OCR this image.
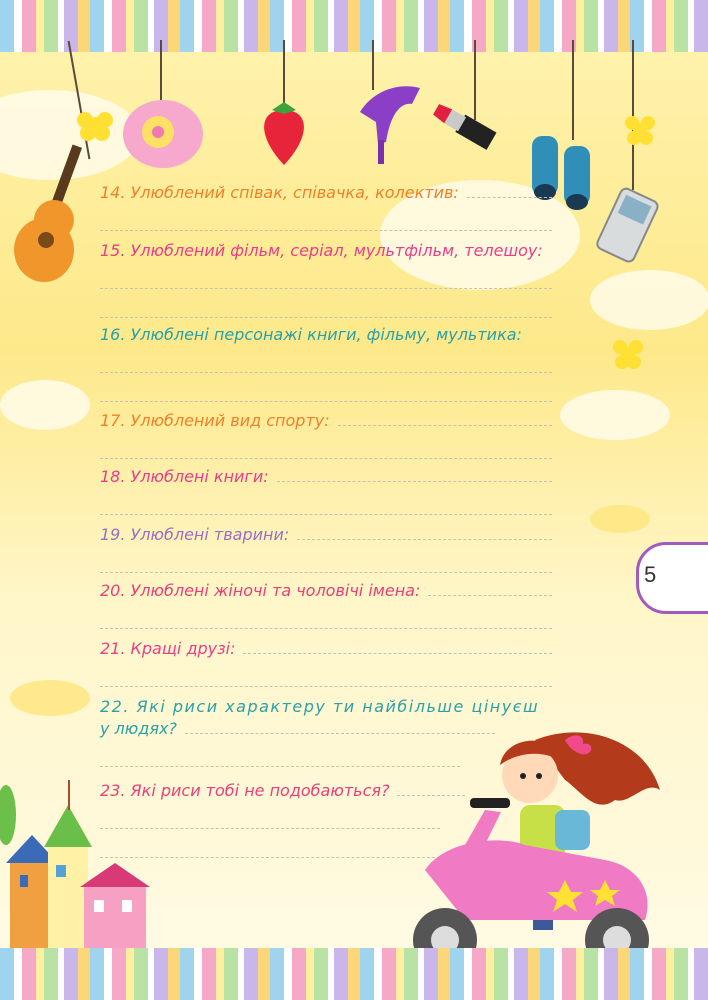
14. Улюблений співак, співачка, колектив:
15. Улюблений фільм, серіал, мультфільм, телешоу:
16. Улюблені персонажі книги, фільму, мультика:
17. Улюблений вид спорту:
18. Улюблені книги:
19. Улюблені тварини:
20. Улюблені жіночі та чоловічі імена:
21. Кращі друзі:
22. Які риси характеру ти найбільше цінуєш
у людях?
23. Які риси тобі не подобаються?
5
